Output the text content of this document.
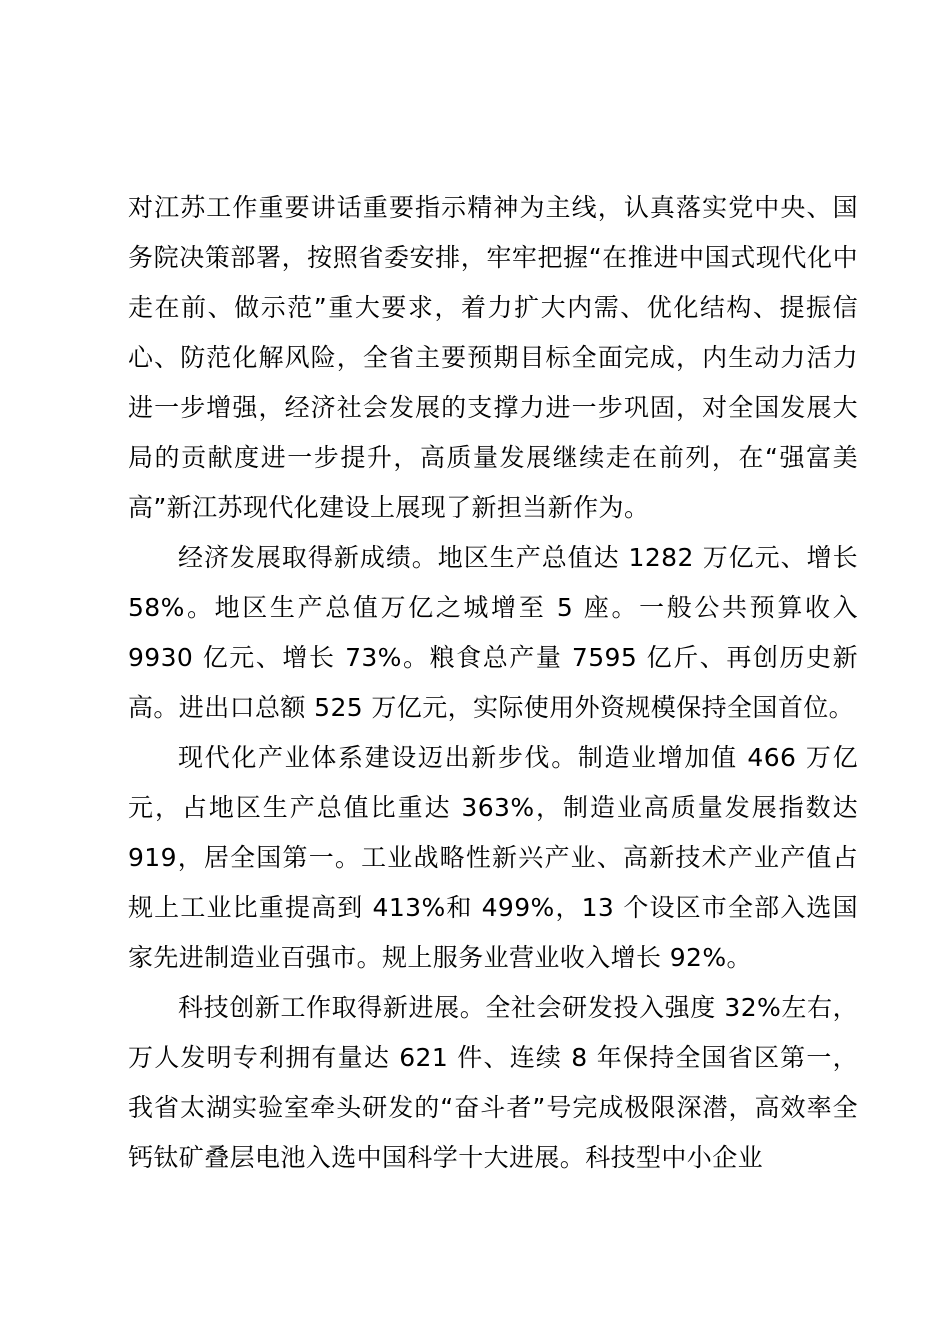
对江苏工作重要讲话重要指示精神为主线，认真落实党中央、国务院决策部署，按照省委安排，牢牢把握“在推进中国式现代化中走在前、做示范”重大要求，着力扩大内需、优化结构、提振信心、防范化解风险，全省主要预期目标全面完成，内生动力活力进一步增强，经济社会发展的支撑力进一步巩固，对全国发展大局的贡献度进一步提升，高质量发展继续走在前列，在“强富美高”新江苏现代化建设上展现了新担当新作为。

经济发展取得新成绩。地区生产总值达 1282 万亿元、增长 58%。地区生产总值万亿之城增至 5 座。一般公共预算收入 9930 亿元、增长 73%。粮食总产量 7595 亿斤、再创历史新高。进出口总额 525 万亿元，实际使用外资规模保持全国首位。

现代化产业体系建设迈出新步伐。制造业增加值 466 万亿元，占地区生产总值比重达 363%，制造业高质量发展指数达 919，居全国第一。工业战略性新兴产业、高新技术产业产值占规上工业比重提高到 413%和 499%，13 个设区市全部入选国家先进制造业百强市。规上服务业营业收入增长 92%。

科技创新工作取得新进展。全社会研发投入强度 32%左右，万人发明专利拥有量达 621 件、连续 8 年保持全国省区第一，我省太湖实验室牵头研发的“奋斗者”号完成极限深潜，高效率全钙钛矿叠层电池入选中国科学十大进展。科技型中小企业
